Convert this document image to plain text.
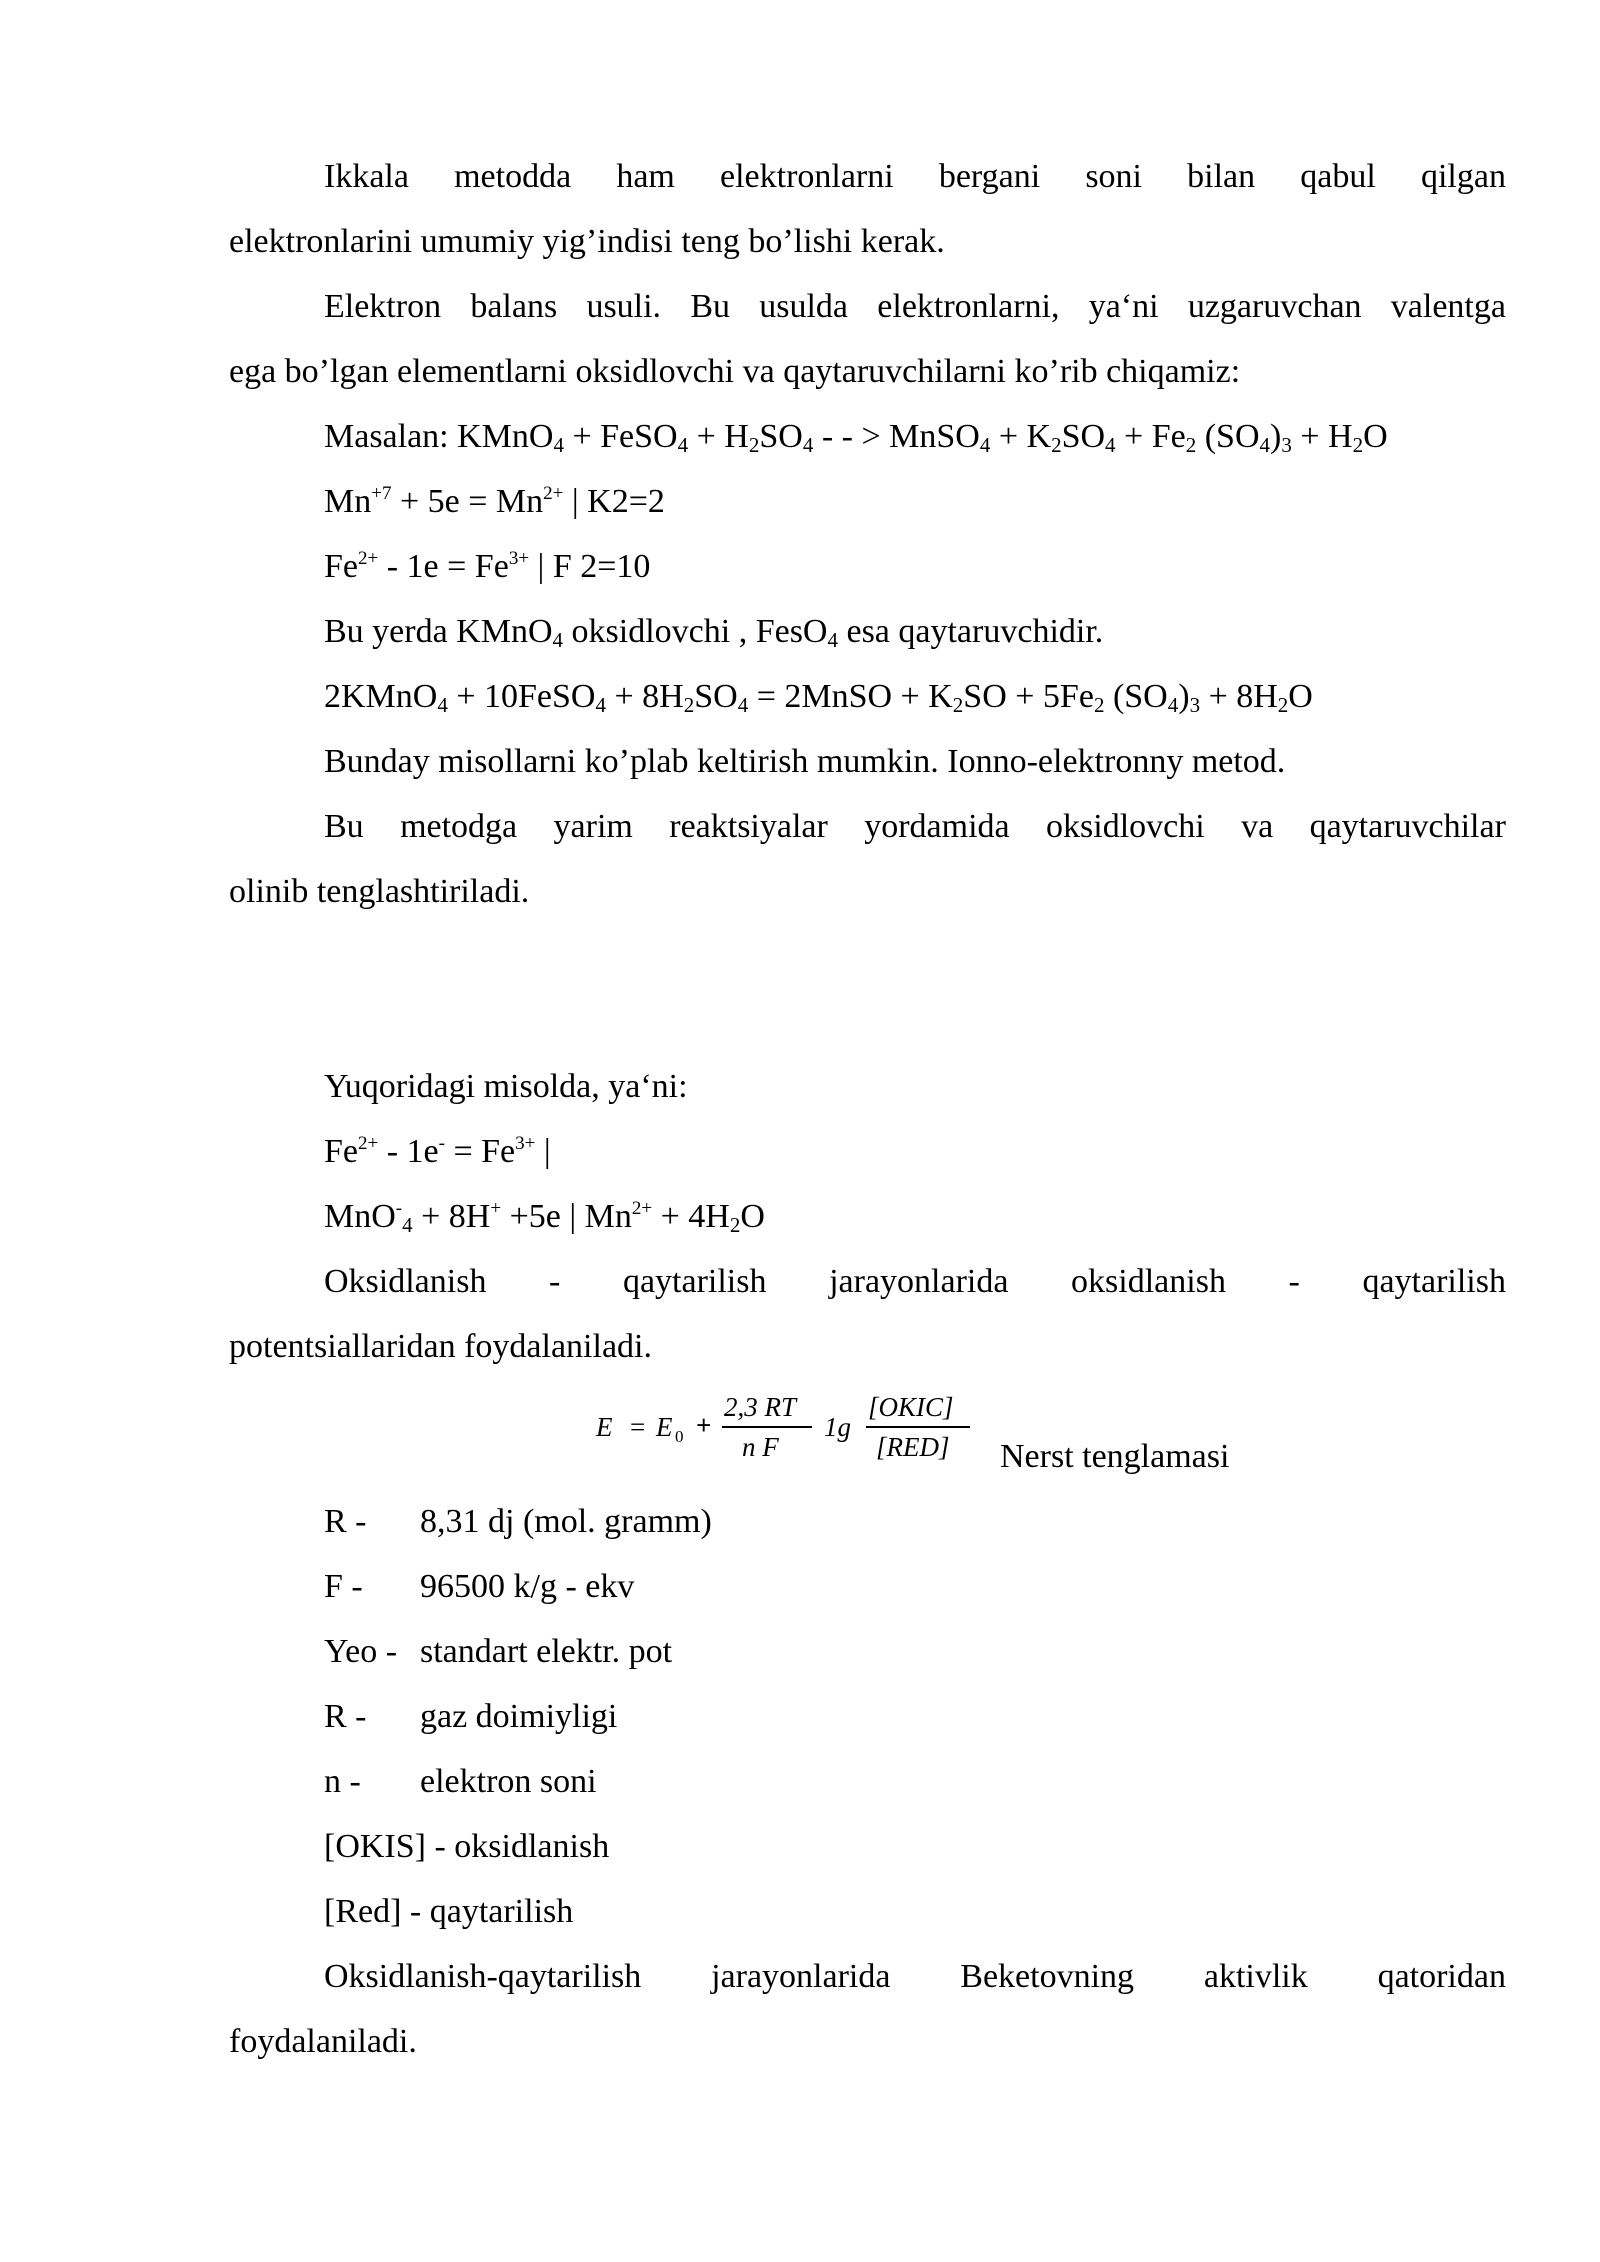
Ikkala metodda ham elektronlarni bergani soni bilan qabul qilgan
elektronlarini umumiy yig’indisi teng bo’lishi kerak.
Elektron balans usuli. Bu usulda elektronlarni, ya‘ni uzgaruvchan valentga
ega bo’lgan elementlarni oksidlovchi va qaytaruvchilarni ko’rib chiqamiz:
Masalan: KMnO$_4$ + FeSO$_4$ + $H_2SO_4$ - - > MnSO$_4$ + $K_2SO_4 + Fe_2$ $(SO_4)_3 + H_2O$
$Mn^{+7} + 5e = Mn^{2+}$ | K2=2
$Fe^{2+} - 1e = Fe^{3+}$ | F 2=10
Bu yerda KMnO$_4$ oksidlovchi , FesO$_4$ esa qaytaruvchidir.
2KMnO$_4$ + 10FeSO$_4$ + $8H_2SO_4$ = 2MnSO + $K_2SO + 5Fe_2$ $(SO_4)_3 + 8H_2O$
Bunday misollarni ko’plab keltirish mumkin. Ionno-elektronny metod.
Bu metodga yarim reaktsiyalar yordamida oksidlovchi va qaytaruvchilar
olinib tenglashtiriladi.
Yuqoridagi misolda, ya‘ni:
$Fe^{2+} - 1e^- = Fe^{3+}$ |
MnO-$_4$ + 8H+ +5e | $Mn^{2+} + 4H_2O$
Oksidlanish - qaytarilish jarayonlarida oksidlanish - qaytarilish
potentsiallaridan foydalaniladi.
E = E 0 +
2,3 RT
n F
1g
[OKIC]
[RED] Nerst tenglamasi
R - 8,31 dj (mol. gramm)
F - 96500 k/g - ekv
Yeo - standart elektr. pot
R - gaz doimiyligi
n - elektron soni
[OKIS] - oksidlanish
[Red] - qaytarilish
Oksidlanish-qaytarilish jarayonlarida Beketovning aktivlik qatoridan
foydalaniladi.
